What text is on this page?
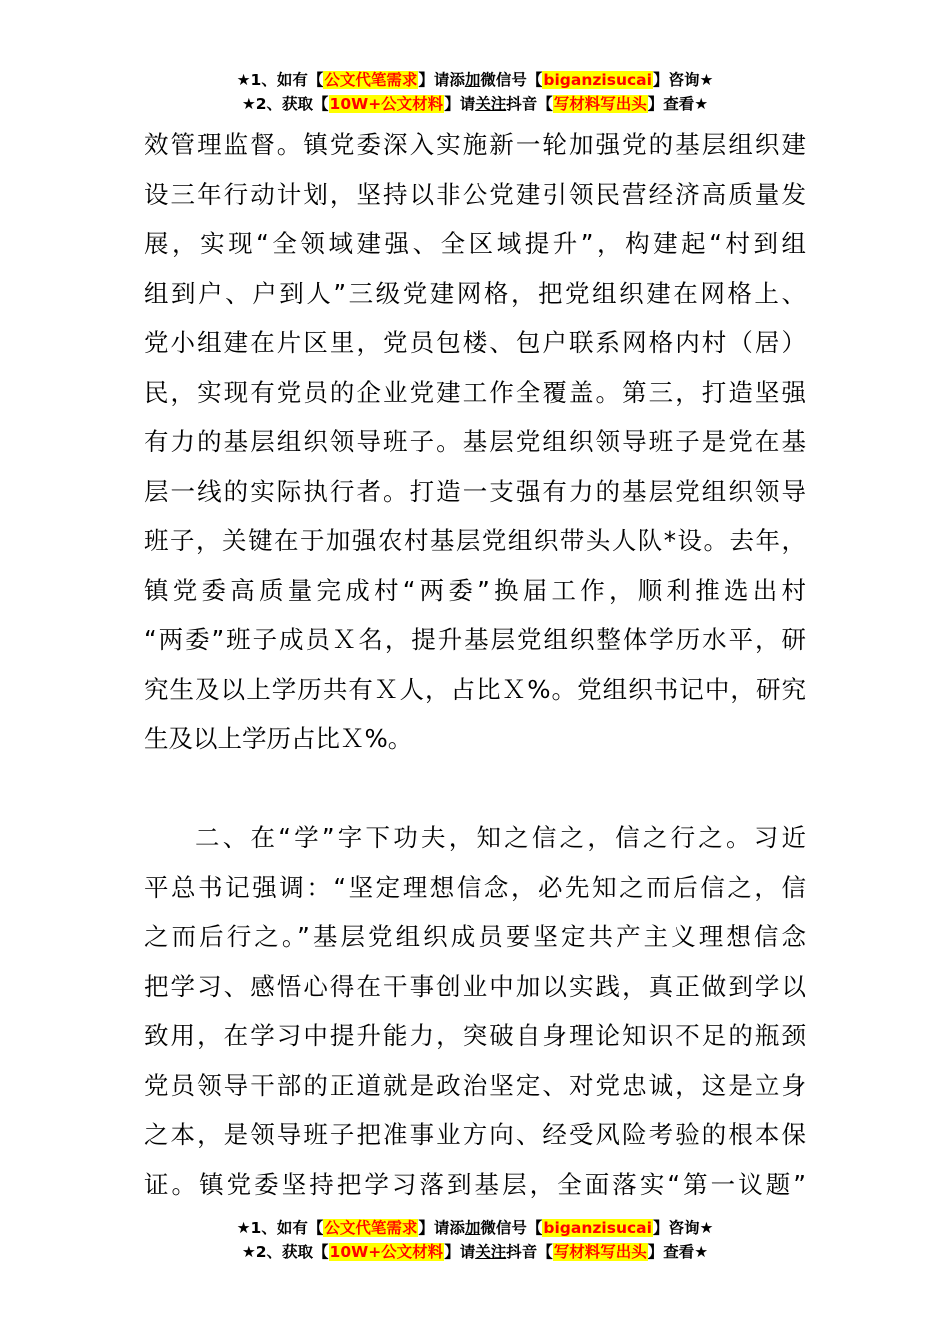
★1、如有【公文代笔需求】请添加微信号【biganzisucai】咨询★
★2、获取【10W+公文材料】请关注抖音【写材料写出头】查看★
效管理监督。镇党委深入实施新一轮加强党的基层组织建
设三年行动计划，坚持以非公党建引领民营经济高质量发
展，实现“全领域建强、全区域提升”，构建起“村到组
组到户、户到人”三级党建网格，把党组织建在网格上、
党小组建在片区里，党员包楼、包户联系网格内村（居）
民，实现有党员的企业党建工作全覆盖。第三，打造坚强
有力的基层组织领导班子。基层党组织领导班子是党在基
层一线的实际执行者。打造一支强有力的基层党组织领导
班子，关键在于加强农村基层党组织带头人队*设。去年，
镇党委高质量完成村“两委”换届工作，顺利推选出村
“两委”班子成员Ｘ名，提升基层党组织整体学历水平，研
究生及以上学历共有Ｘ人，占比Ｘ%。党组织书记中，研究
生及以上学历占比Ｘ%。
二、在“学”字下功夫，知之信之，信之行之。习近
平总书记强调：“坚定理想信念，必先知之而后信之，信
之而后行之。”基层党组织成员要坚定共产主义理想信念
把学习、感悟心得在干事创业中加以实践，真正做到学以
致用，在学习中提升能力，突破自身理论知识不足的瓶颈
党员领导干部的正道就是政治坚定、对党忠诚，这是立身
之本，是领导班子把准事业方向、经受风险考验的根本保
证。镇党委坚持把学习落到基层，全面落实“第一议题”
★1、如有【公文代笔需求】请添加微信号【biganzisucai】咨询★
★2、获取【10W+公文材料】请关注抖音【写材料写出头】查看★
